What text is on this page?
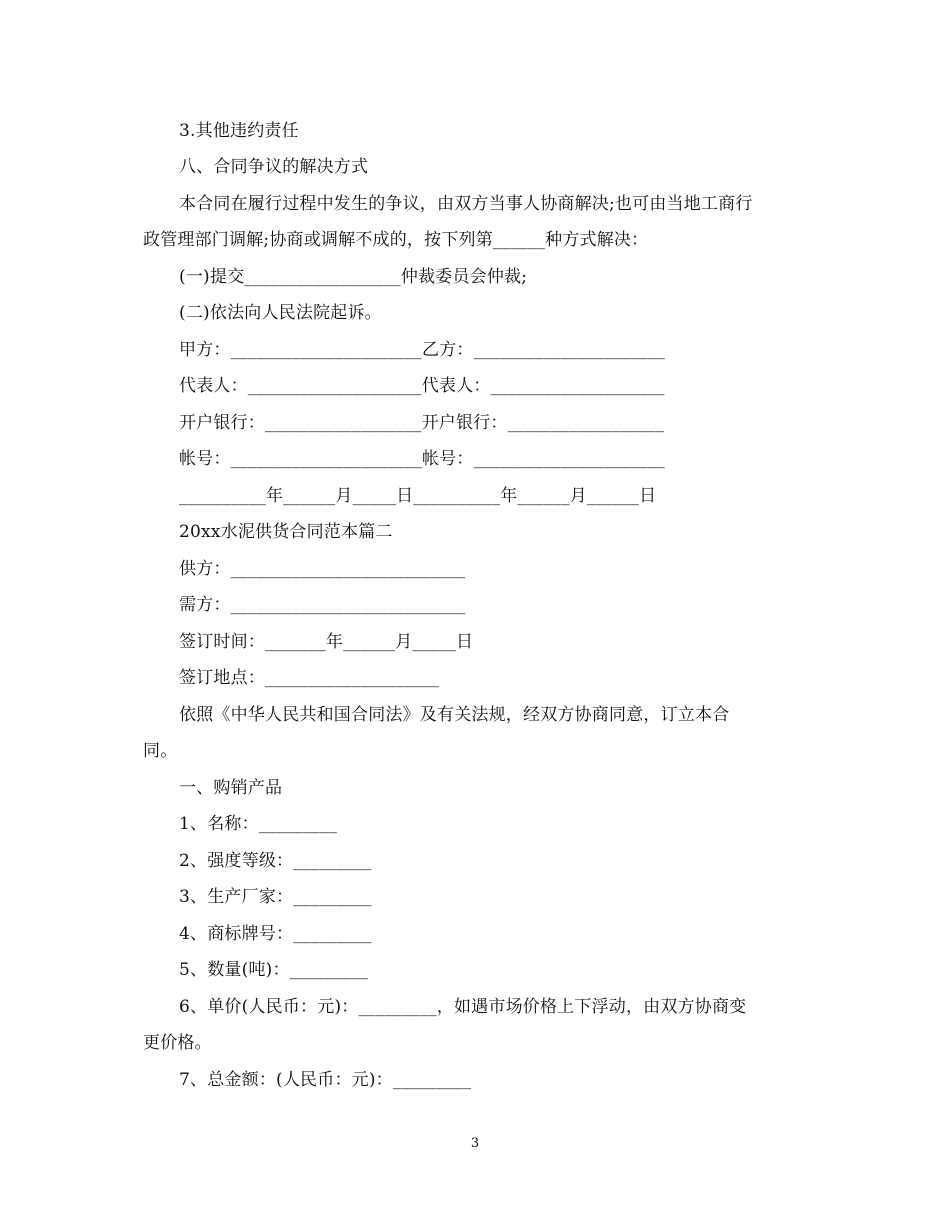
3.其他违约责任
八、合同争议的解决方式
本合同在履行过程中发生的争议，由双方当事人协商解决;也可由当地工商行
政管理部门调解;协商或调解不成的，按下列第______种方式解决：
(一)提交__________________仲裁委员会仲裁;
(二)依法向人民法院起诉。
甲方：______________________乙方：______________________
代表人：____________________代表人：____________________
开户银行：__________________开户银行：__________________
帐号：______________________帐号：______________________
__________年______月_____日__________年______月______日
20xx水泥供货合同范本篇二
供方：___________________________
需方：___________________________
签订时间：_______年______月_____日
签订地点：____________________
依照《中华人民共和国合同法》及有关法规，经双方协商同意，订立本合
同。
一、购销产品
1、名称：_________
2、强度等级：_________
3、生产厂家：_________
4、商标牌号：_________
5、数量(吨)：_________
6、单价(人民币：元)：_________，如遇市场价格上下浮动，由双方协商变
更价格。
7、总金额：(人民币：元)：_________
3
